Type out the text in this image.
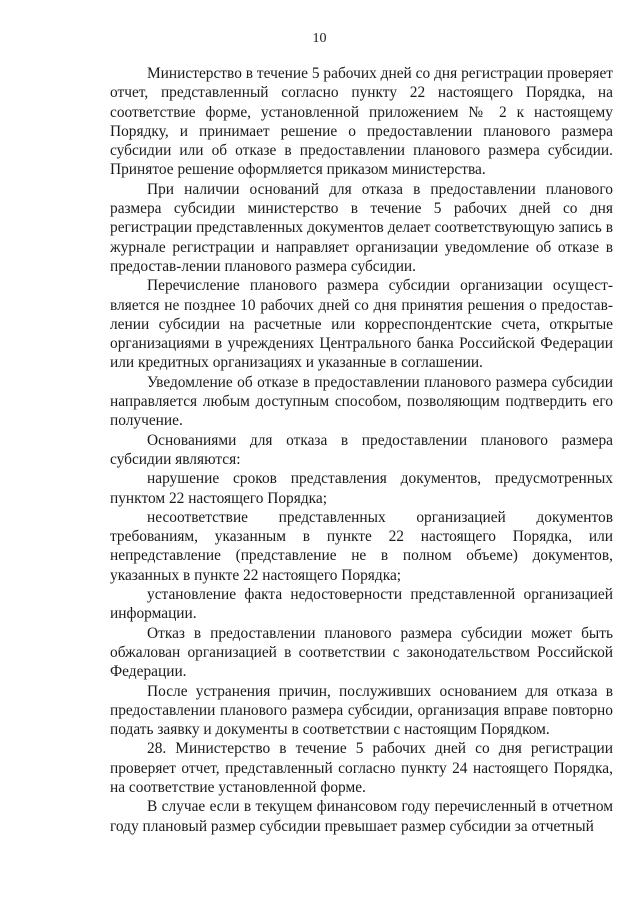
10

Министерство в течение 5 рабочих дней со дня регистрации проверяет отчет, представленный согласно пункту 22 настоящего Порядка, на соответствие форме, установленной приложением № 2 к настоящему Порядку, и принимает решение о предоставлении планового размера субсидии или об отказе в предоставлении планового размера субсидии. Принятое решение оформляется приказом министерства.

При наличии оснований для отказа в предоставлении планового размера субсидии министерство в течение 5 рабочих дней со дня регистрации представленных документов делает соответствующую запись в журнале регистрации и направляет организации уведомление об отказе в предостав-лении планового размера субсидии.

Перечисление планового размера субсидии организации осущест-вляется не позднее 10 рабочих дней со дня принятия решения о предостав-лении субсидии на расчетные или корреспондентские счета, открытые организациями в учреждениях Центрального банка Российской Федерации или кредитных организациях и указанные в соглашении.

Уведомление об отказе в предоставлении планового размера субсидии направляется любым доступным способом, позволяющим подтвердить его получение.

Основаниями для отказа в предоставлении планового размера субсидии являются:

нарушение сроков представления документов, предусмотренных пунктом 22 настоящего Порядка;

несоответствие представленных организацией документов требованиям, указанным в пункте 22 настоящего Порядка, или непредставление (представление не в полном объеме) документов, указанных в пункте 22 настоящего Порядка;

установление факта недостоверности представленной организацией информации.

Отказ в предоставлении планового размера субсидии может быть обжалован организацией в соответствии с законодательством Российской Федерации.

После устранения причин, послуживших основанием для отказа в предоставлении планового размера субсидии, организация вправе повторно подать заявку и документы в соответствии с настоящим Порядком.

28. Министерство в течение 5 рабочих дней со дня регистрации проверяет отчет, представленный согласно пункту 24 настоящего Порядка, на соответствие установленной форме.

В случае если в текущем финансовом году перечисленный в отчетном году плановый размер субсидии превышает размер субсидии за отчетный
